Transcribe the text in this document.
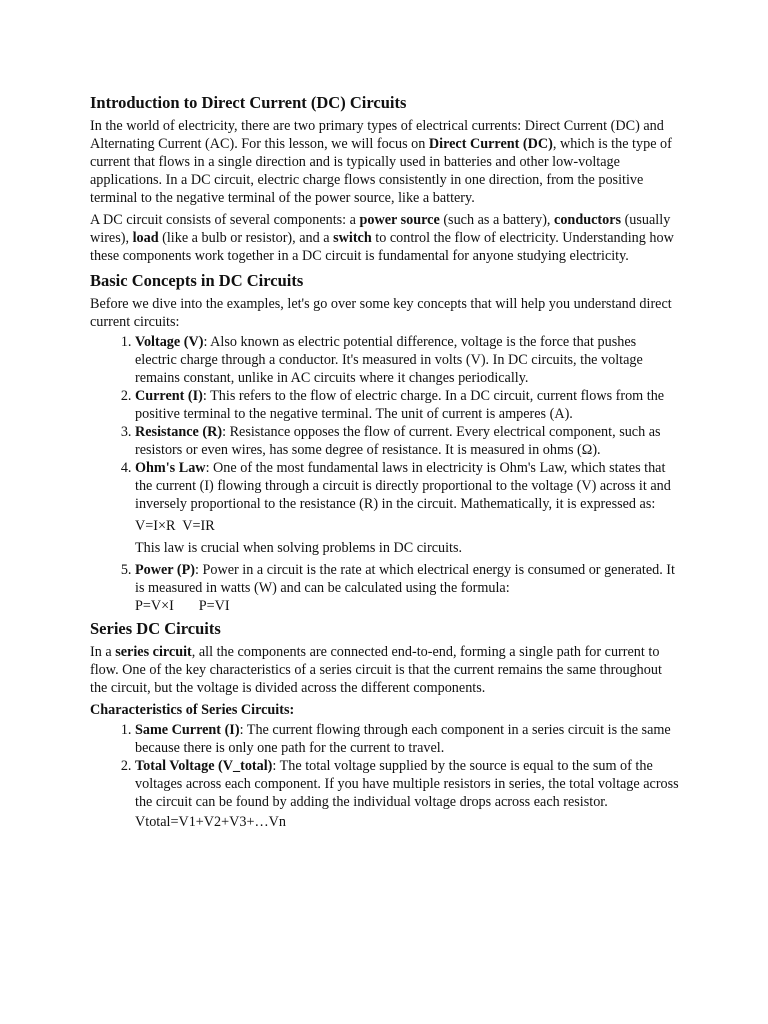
Introduction to Direct Current (DC) Circuits

In the world of electricity, there are two primary types of electrical currents: Direct Current (DC) and Alternating Current (AC). For this lesson, we will focus on Direct Current (DC), which is the type of current that flows in a single direction and is typically used in batteries and other low-voltage applications. In a DC circuit, electric charge flows consistently in one direction, from the positive terminal to the negative terminal of the power source, like a battery.

A DC circuit consists of several components: a power source (such as a battery), conductors (usually wires), load (like a bulb or resistor), and a switch to control the flow of electricity. Understanding how these components work together in a DC circuit is fundamental for anyone studying electricity.

Basic Concepts in DC Circuits

Before we dive into the examples, let's go over some key concepts that will help you understand direct current circuits:

1. Voltage (V): Also known as electric potential difference, voltage is the force that pushes electric charge through a conductor. It's measured in volts (V). In DC circuits, the voltage remains constant, unlike in AC circuits where it changes periodically.
2. Current (I): This refers to the flow of electric charge. In a DC circuit, current flows from the positive terminal to the negative terminal. The unit of current is amperes (A).
3. Resistance (R): Resistance opposes the flow of current. Every electrical component, such as resistors or even wires, has some degree of resistance. It is measured in ohms (Ω).
4. Ohm's Law: One of the most fundamental laws in electricity is Ohm's Law, which states that the current (I) flowing through a circuit is directly proportional to the voltage (V) across it and inversely proportional to the resistance (R) in the circuit. Mathematically, it is expressed as:
V=I×R  V=IR
This law is crucial when solving problems in DC circuits.
5. Power (P): Power in a circuit is the rate at which electrical energy is consumed or generated. It is measured in watts (W) and can be calculated using the formula:
P=V×I       P=VI
Series DC Circuits

In a series circuit, all the components are connected end-to-end, forming a single path for current to flow. One of the key characteristics of a series circuit is that the current remains the same throughout the circuit, but the voltage is divided across the different components.

Characteristics of Series Circuits:
1. Same Current (I): The current flowing through each component in a series circuit is the same because there is only one path for the current to travel.
2. Total Voltage (V_total): The total voltage supplied by the source is equal to the sum of the voltages across each component. If you have multiple resistors in series, the total voltage across the circuit can be found by adding the individual voltage drops across each resistor.
Vtotal=V1+V2+V3+…Vn
